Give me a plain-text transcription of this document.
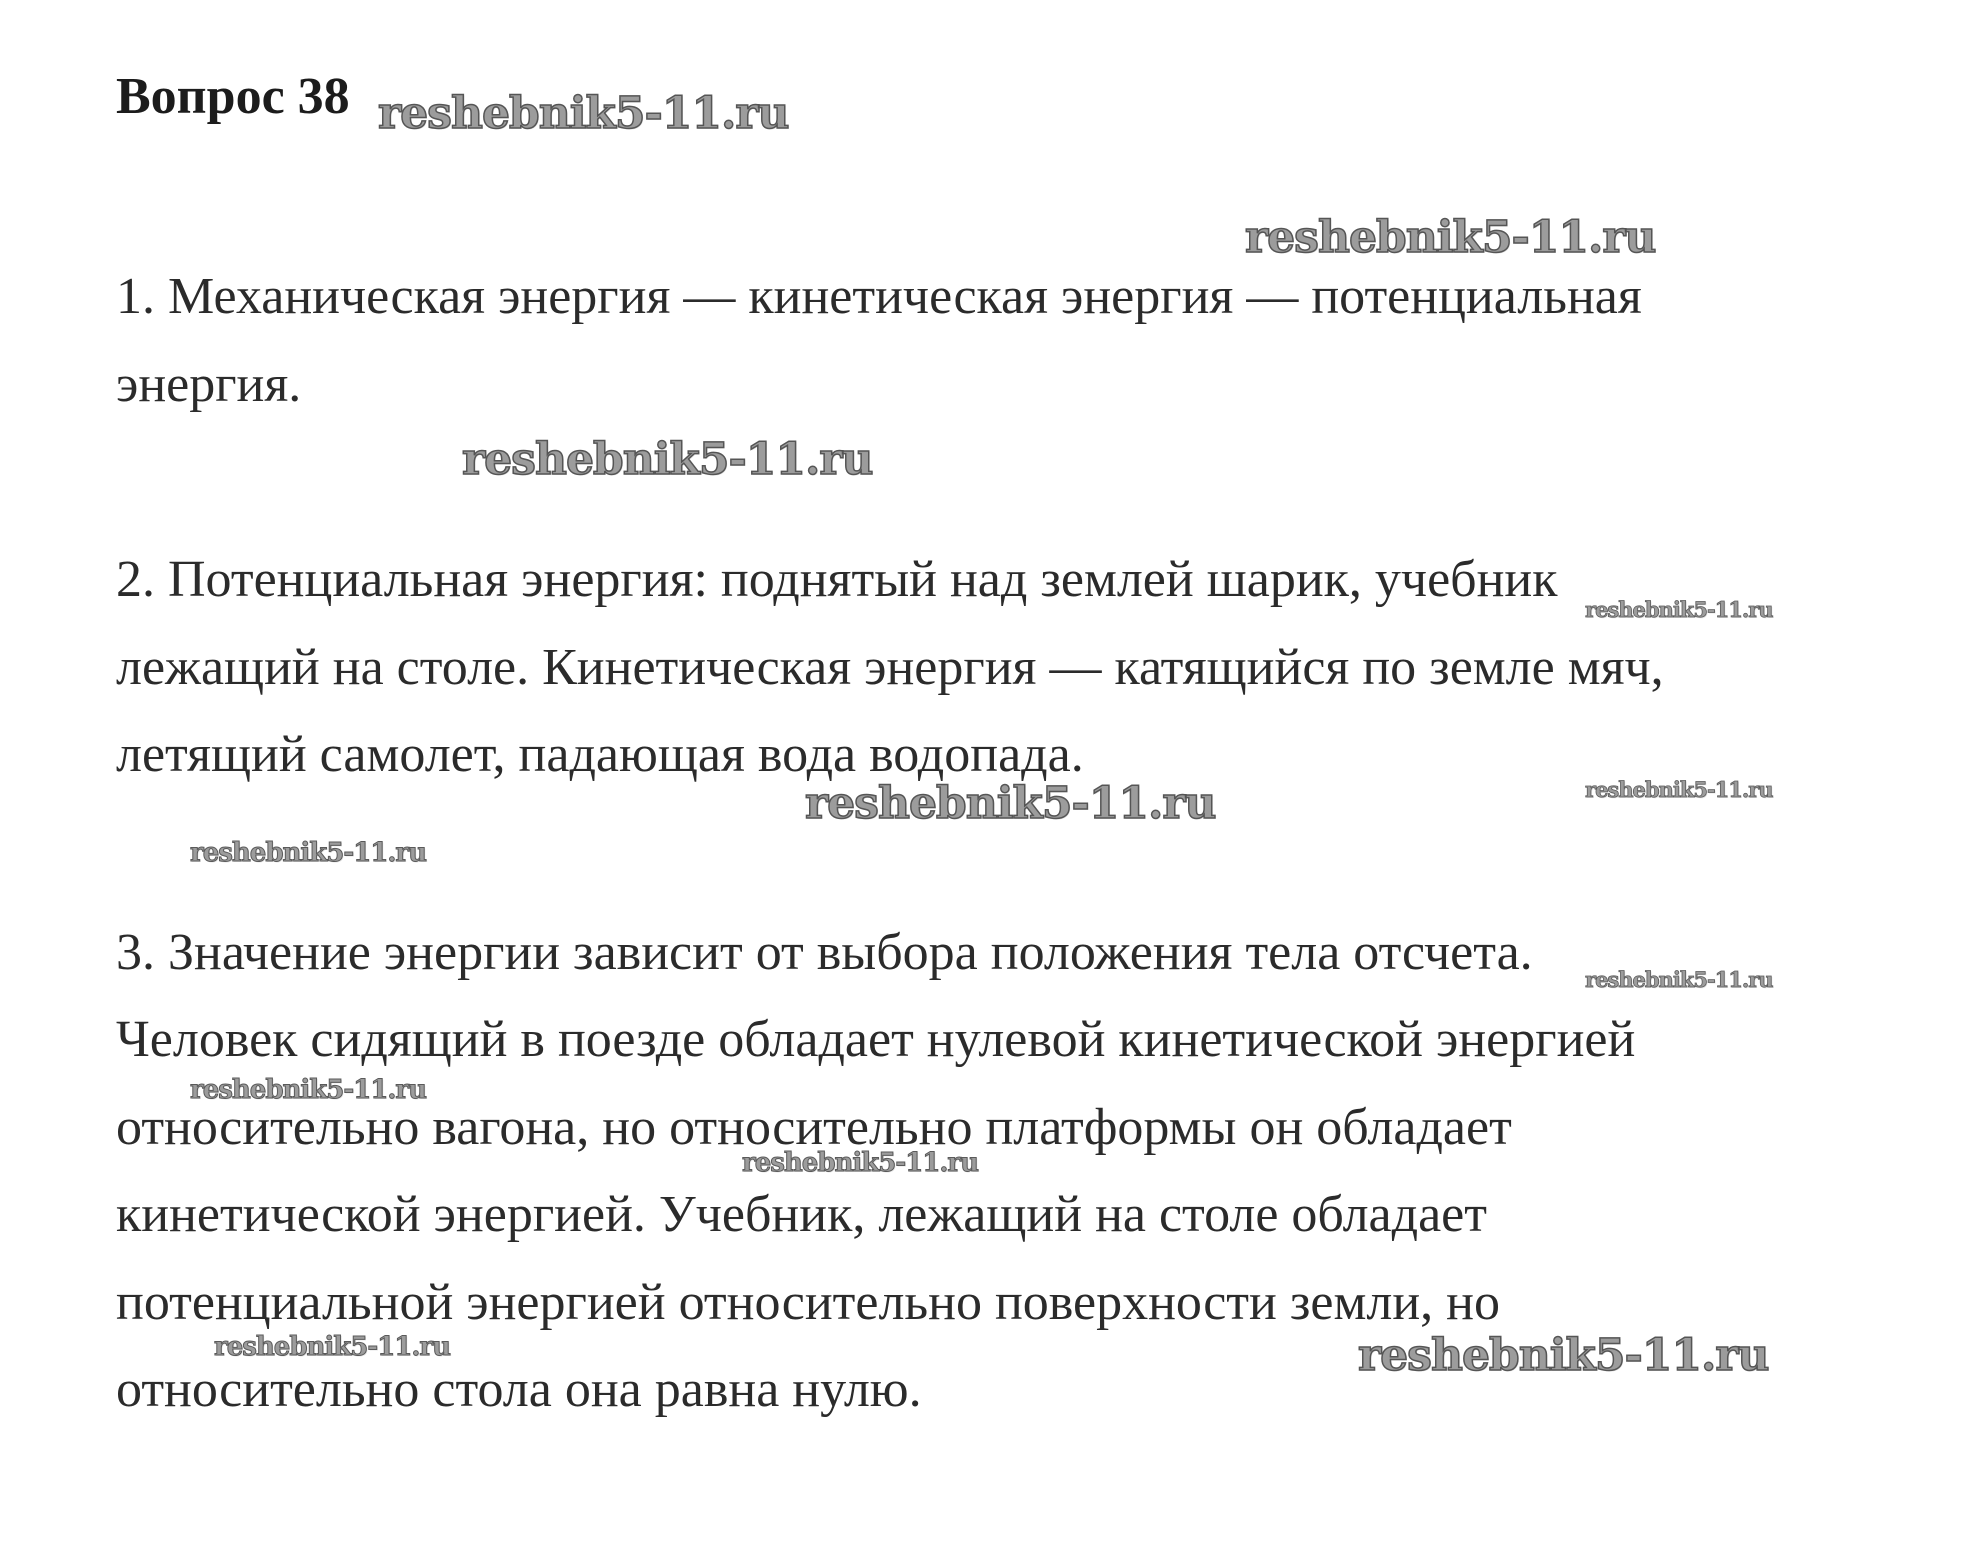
Вопрос 38
1. Механическая энергия — кинетическая энергия — потенциальная
энергия.
2. Потенциальная энергия: поднятый над землей шарик, учебник
лежащий на столе. Кинетическая энергия — катящийся по земле мяч,
летящий самолет, падающая вода водопада.
3. Значение энергии зависит от выбора положения тела отсчета.
Человек сидящий в поезде обладает нулевой кинетической энергией
относительно вагона, но относительно платформы он обладает
кинетической энергией. Учебник, лежащий на столе обладает
потенциальной энергией относительно поверхности земли, но
относительно стола она равна нулю.
reshebnik5-11.ru
reshebnik5-11.ru
reshebnik5-11.ru
reshebnik5-11.ru
reshebnik5-11.ru	reshebnik5-11.ru
reshebnik5-11.ru
reshebnik5-11.ru
reshebnik5-11.ru
reshebnik5-11.ru
reshebnik5-11.ru	reshebnik5-11.ru
